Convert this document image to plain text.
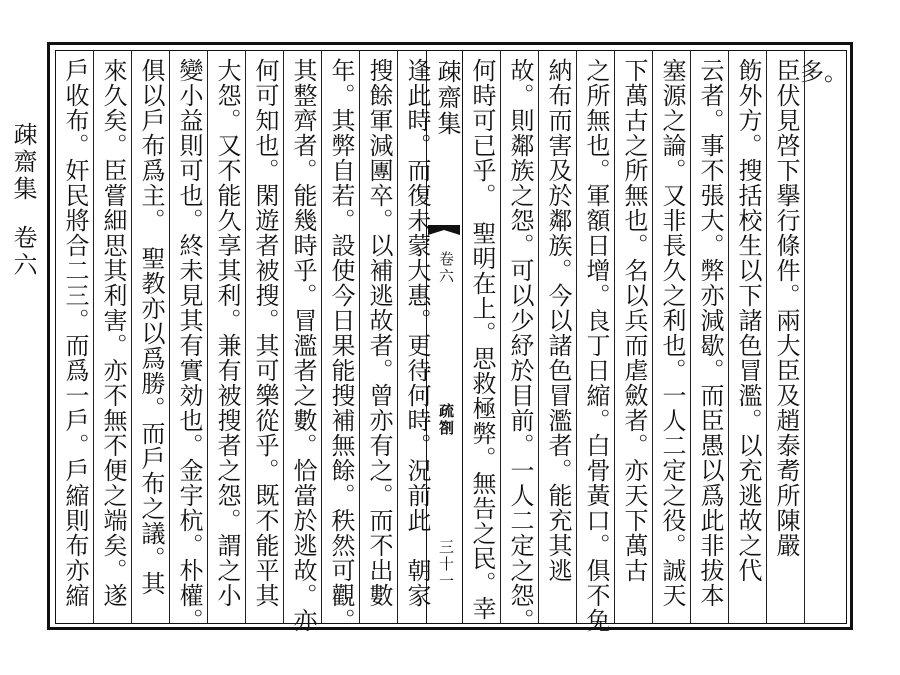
疎齋集卷六
疎齋集
卷六
疏劄
三十一
多。
臣伏見啓下擧行條件。兩大臣及趙泰耉所陳嚴
飭外方。搜括校生以下諸色冒濫。以充逃故之代
云者。事不張大。弊亦減歇。而臣愚以爲此非拔本
塞源之論。又非長久之利也。一人二定之役。誠天
下萬古之所無也。名以兵而虐斂者。亦天下萬古
之所無也。軍額日增。良丁日縮。白骨黃口。俱不免
納布而害及於鄰族。今以諸色冒濫者。能充其逃
故。則鄰族之怨。可以少紓於目前。一人二定之怨。
何時可已乎。　聖明在上。思救極弊。無告之民。幸
逢此時。而復未蒙大惠。更待何時。況前此　朝家
搜餘軍減團卒。以補逃故者。曾亦有之。而不出數
年。其弊自若。設使今日果能搜補無餘。秩然可觀。
其整齊者。能幾時乎。冒濫者之數。恰當於逃故。亦
何可知也。閑遊者被搜。其可樂從乎。既不能平其
大怨。又不能久享其利。兼有被搜者之怨。謂之小
變小益則可也。終未見其有實効也。金宇杭。朴權。
俱以戶布爲主。　聖教亦以爲勝。而戶布之議。其
來久矣。臣嘗細思其利害。亦不無不便之端矣。遂
戶收布。奸民將合二三。而爲一戶。戶縮則布亦縮
